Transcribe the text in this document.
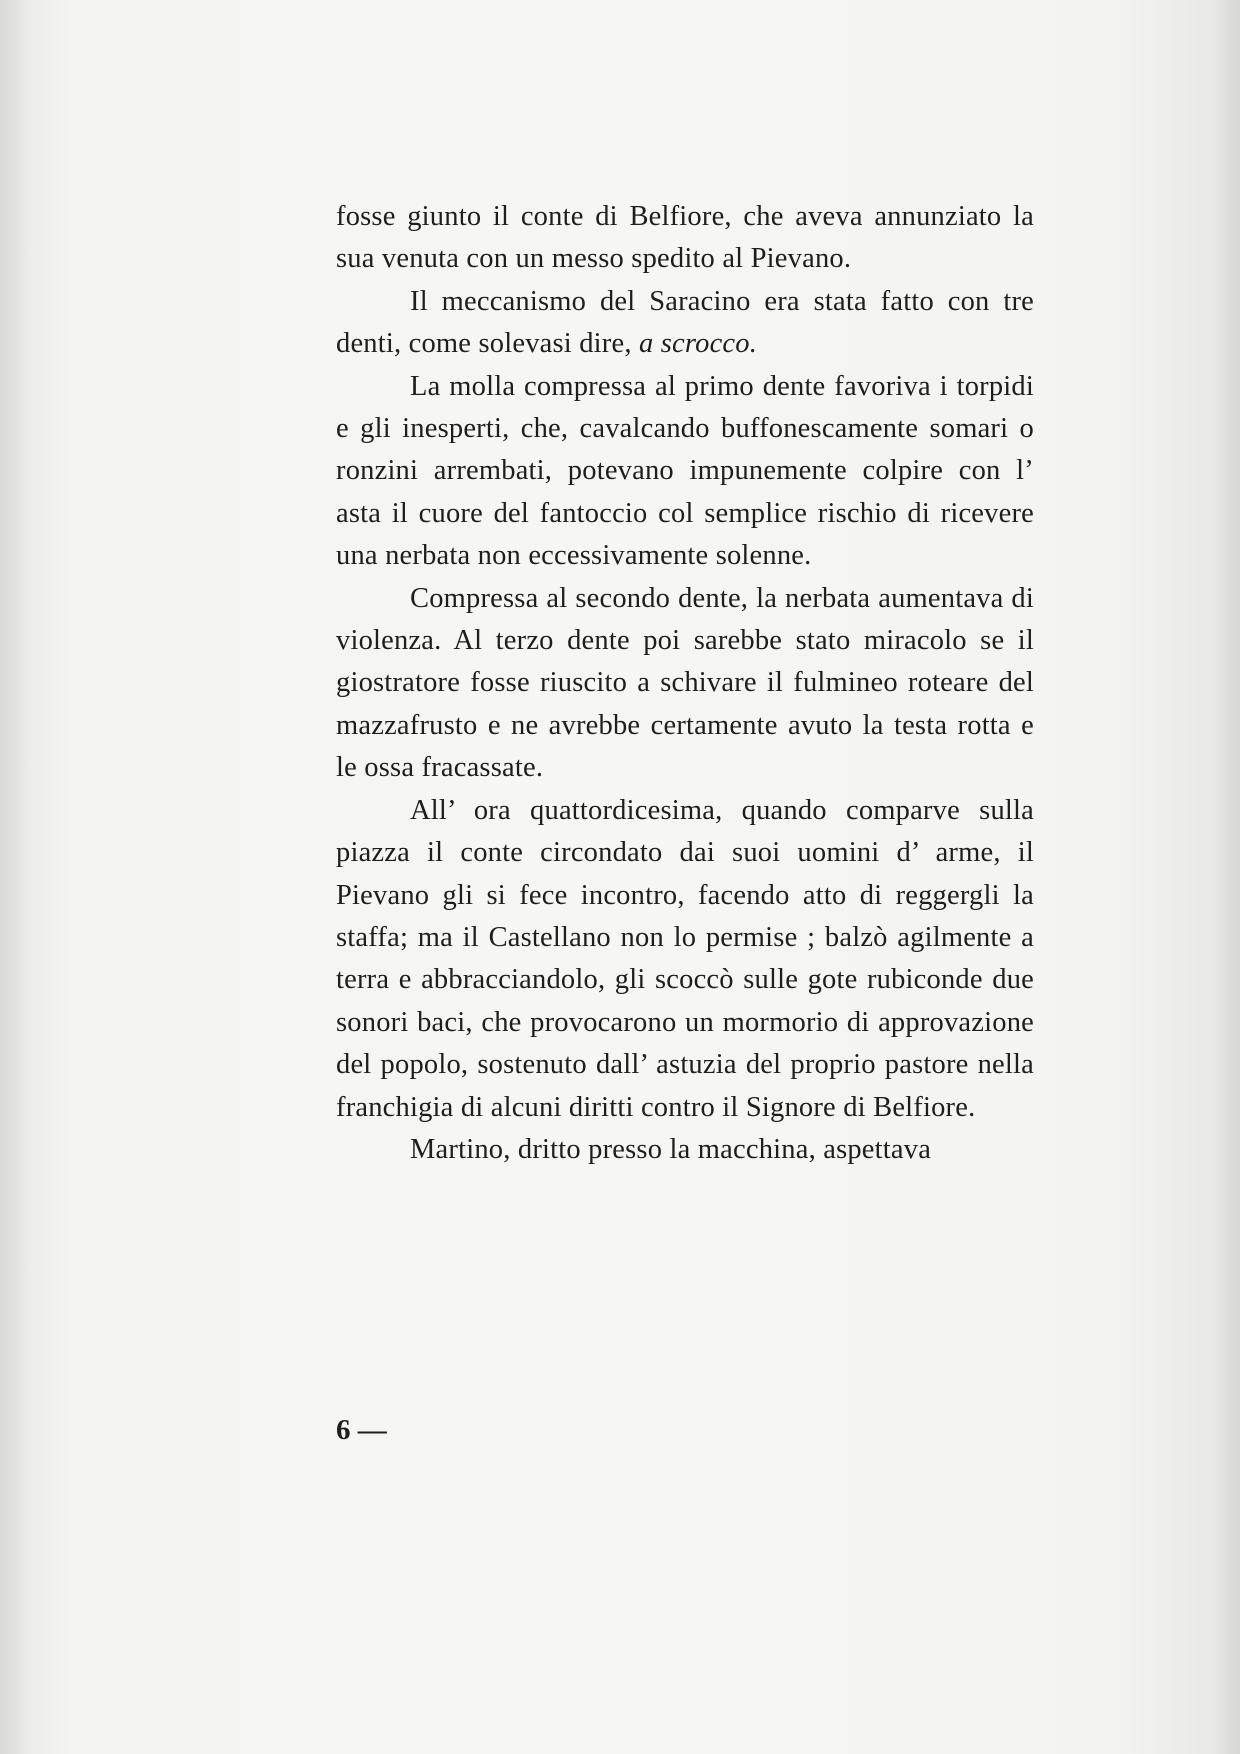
fosse giunto il conte di Belfiore, che aveva annunziato la sua venuta con un messo spedito al Pievano.

Il meccanismo del Saracino era stata fatto con tre denti, come solevasi dire, a scrocco.

La molla compressa al primo dente favoriva i torpidi e gli inesperti, che, cavalcando buffonescamente somari o ronzini arrembati, potevano impunemente colpire con l’ asta il cuore del fantoccio col semplice rischio di ricevere una nerbata non eccessivamente solenne.

Compressa al secondo dente, la nerbata aumentava di violenza. Al terzo dente poi sarebbe stato miracolo se il giostratore fosse riuscito a schivare il fulmineo roteare del mazzafrusto e ne avrebbe certamente avuto la testa rotta e le ossa fracassate.

All’ ora quattordicesima, quando comparve sulla piazza il conte circondato dai suoi uomini d’ arme, il Pievano gli si fece incontro, facendo atto di reggergli la staffa; ma il Castellano non lo permise ; balzò agilmente a terra e abbracciandolo, gli scoccò sulle gote rubiconde due sonori baci, che provocarono un mormorio di approvazione del popolo, sostenuto dall’ astuzia del proprio pastore nella franchigia di alcuni diritti contro il Signore di Belfiore.

Martino, dritto presso la macchina, aspettava

6 —
